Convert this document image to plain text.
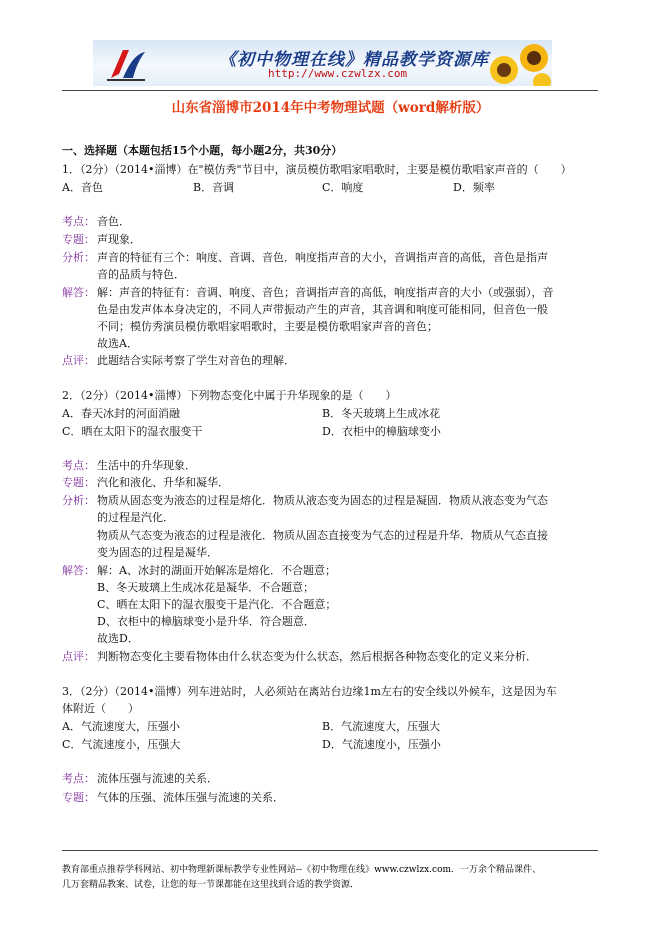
《初中物理在线》精品教学资源库
http://www.czwlzx.com
山东省淄博市2014年中考物理试题（word解析版）
一、选择题（本题包括15个小题，每小题2分，共30分）
1．（2分）（2014•淄博）在"模仿秀"节目中，演员模仿歌唱家唱歌时，主要是模仿歌唱家声音的（　　）
A．音色	B．音调	C．响度	D．频率
考点： 音色．
专题： 声现象．
分析： 声音的特征有三个：响度、音调、音色．响度指声音的大小，音调指声音的高低，音色是指声
音的品质与特色．
解答： 解：声音的特征有：音调、响度、音色；音调指声音的高低，响度指声音的大小（或强弱），音
色是由发声体本身决定的，不同人声带振动产生的声音，其音调和响度可能相同，但音色一般
不同；模仿秀演员模仿歌唱家唱歌时，主要是模仿歌唱家声音的音色；
故选A．
点评： 此题结合实际考察了学生对音色的理解．
2．（2分）（2014•淄博）下列物态变化中属于升华现象的是（　　）
A．春天冰封的河面消融	B．冬天玻璃上生成冰花
C．晒在太阳下的湿衣服变干	D．衣柜中的樟脑球变小
考点： 生活中的升华现象．
专题： 汽化和液化、升华和凝华．
分析： 物质从固态变为液态的过程是熔化．物质从液态变为固态的过程是凝固．物质从液态变为气态
的过程是汽化．
物质从气态变为液态的过程是液化．物质从固态直接变为气态的过程是升华．物质从气态直接
变为固态的过程是凝华．
解答： 解：A、冰封的湖面开始解冻是熔化．不合题意；
B、冬天玻璃上生成冰花是凝华．不合题意；
C、晒在太阳下的湿衣服变干是汽化．不合题意；
D、衣柜中的樟脑球变小是升华．符合题意．
故选D．
点评： 判断物态变化主要看物体由什么状态变为什么状态，然后根据各种物态变化的定义来分析．
3．（2分）（2014•淄博）列车进站时，人必须站在离站台边缘1m左右的安全线以外候车，这是因为车
体附近（　　）
A．气流速度大，压强小	B．气流速度大，压强大
C．气流速度小，压强大	D．气流速度小，压强小
考点： 流体压强与流速的关系．
专题： 气体的压强、流体压强与流速的关系．
教育部重点推荐学科网站、初中物理新课标教学专业性网站--《初中物理在线》www.czwlzx.com．一万余个精品课件、
几万套精品教案、试卷，让您的每一节课都能在这里找到合适的教学资源．
